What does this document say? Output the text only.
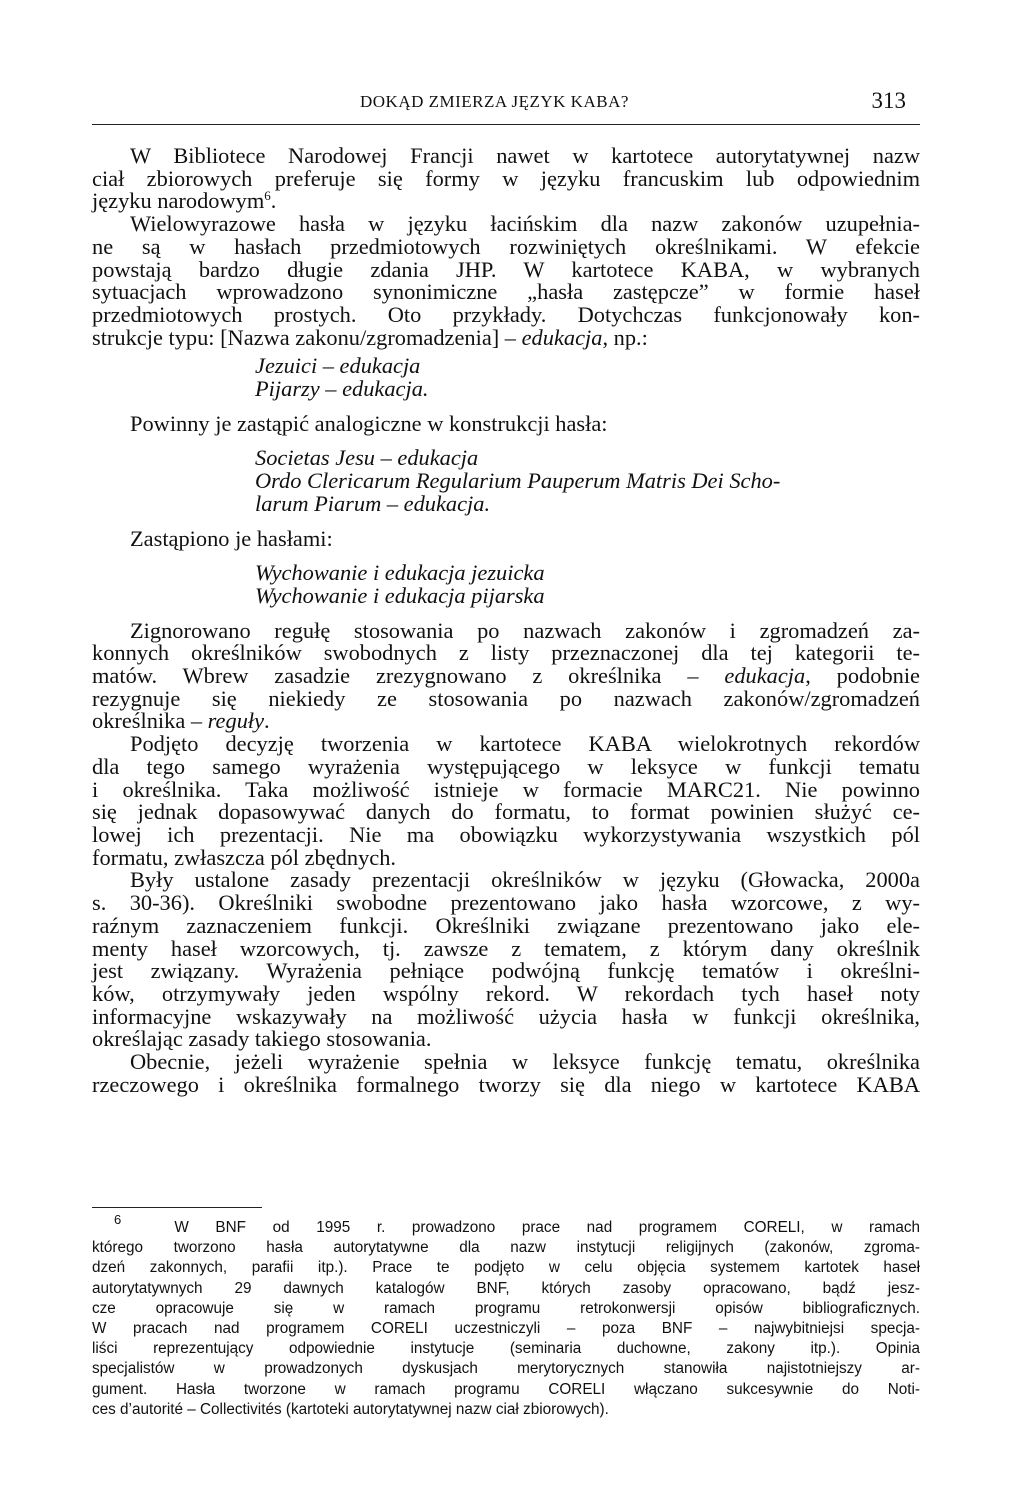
DOKĄD ZMIERZA JĘZYK KABA?	313
W Bibliotece Narodowej Francji nawet w kartotece autorytatywnej nazw
ciał zbiorowych preferuje się formy w języku francuskim lub odpowiednim
języku narodowym$^6$.
Wielowyrazowe hasła w języku łacińskim dla nazw zakonów uzupełnia-
ne są w hasłach przedmiotowych rozwiniętych określnikami. W efekcie
powstają bardzo długie zdania JHP. W kartotece KABA, w wybranych
sytuacjach wprowadzono synonimiczne „hasła zastępcze” w formie haseł
przedmiotowych prostych. Oto przykłady. Dotychczas funkcjonowały kon-
strukcje typu: [Nazwa zakonu/zgromadzenia] – edukacja, np.:
Jezuici – edukacja
Pijarzy – edukacja.
Powinny je zastąpić analogiczne w konstrukcji hasła:
Societas Jesu – edukacja
Ordo Clericarum Regularium Pauperum Matris Dei Scho-
larum Piarum – edukacja.
Zastąpiono je hasłami:
Wychowanie i edukacja jezuicka
Wychowanie i edukacja pijarska
Zignorowano regułę stosowania po nazwach zakonów i zgromadzeń za-
konnych określników swobodnych z listy przeznaczonej dla tej kategorii te-
matów. Wbrew zasadzie zrezygnowano z określnika – edukacja, podobnie
rezygnuje się niekiedy ze stosowania po nazwach zakonów/zgromadzeń
określnika – reguły.
Podjęto decyzję tworzenia w kartotece KABA wielokrotnych rekordów
dla tego samego wyrażenia występującego w leksyce w funkcji tematu
i określnika. Taka możliwość istnieje w formacie MARC21. Nie powinno
się jednak dopasowywać danych do formatu, to format powinien służyć ce-
lowej ich prezentacji. Nie ma obowiązku wykorzystywania wszystkich pól
formatu, zwłaszcza pól zbędnych.
Były ustalone zasady prezentacji określników w języku (Głowacka, 2000a
s. 30-36). Określniki swobodne prezentowano jako hasła wzorcowe, z wy-
raźnym zaznaczeniem funkcji. Określniki związane prezentowano jako ele-
menty haseł wzorcowych, tj. zawsze z tematem, z którym dany określnik
jest związany. Wyrażenia pełniące podwójną funkcję tematów i określni-
ków, otrzymywały jeden wspólny rekord. W rekordach tych haseł noty
informacyjne wskazywały na możliwość użycia hasła w funkcji określnika,
określając zasady takiego stosowania.
Obecnie, jeżeli wyrażenie spełnia w leksyce funkcję tematu, określnika
rzeczowego i określnika formalnego tworzy się dla niego w kartotece KABA
$^6$	W BNF od 1995 r. prowadzono prace nad programem CORELI, w ramach
którego tworzono hasła autorytatywne dla nazw instytucji religijnych (zakonów, zgroma-
dzeń zakonnych, parafii itp.). Prace te podjęto w celu objęcia systemem kartotek haseł
autorytatywnych 29 dawnych katalogów BNF, których zasoby opracowano, bądź jesz-
cze opracowuje się w ramach programu retrokonwersji opisów bibliograficznych.
W pracach nad programem CORELI uczestniczyli – poza BNF – najwybitniejsi specja-
liści reprezentujący odpowiednie instytucje (seminaria duchowne, zakony itp.). Opinia
specjalistów w prowadzonych dyskusjach merytorycznych stanowiła najistotniejszy ar-
gument. Hasła tworzone w ramach programu CORELI włączano sukcesywnie do Noti-
ces d’autorité – Collectivités (kartoteki autorytatywnej nazw ciał zbiorowych).
